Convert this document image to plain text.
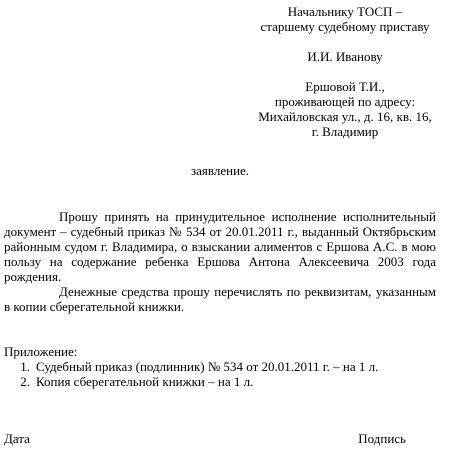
Начальнику ТОСП –
старшему судебному приставу
И.И. Иванову
Ершовой Т.И.,
проживающей по адресу:
Михайловская ул., д. 16, кв. 16,
г. Владимир
заявление.

Прошу принять на принудительное исполнение исполнительный документ – судебный приказ № 534 от 20.01.2011 г., выданный Октябрьским районным судом г. Владимира, о взыскании алиментов с Ершова А.С. в мою пользу на содержание ребенка Ершова Антона Алексеевича 2003 года рождения.

Денежные средства прошу перечислять по реквизитам, указанным в копии сберегательной книжки.

Приложение:
1. Судебный приказ (подлинник) № 534 от 20.01.2011 г. – на 1 л.
2. Копия сберегательной книжки – на 1 л.
Дата	Подпись
